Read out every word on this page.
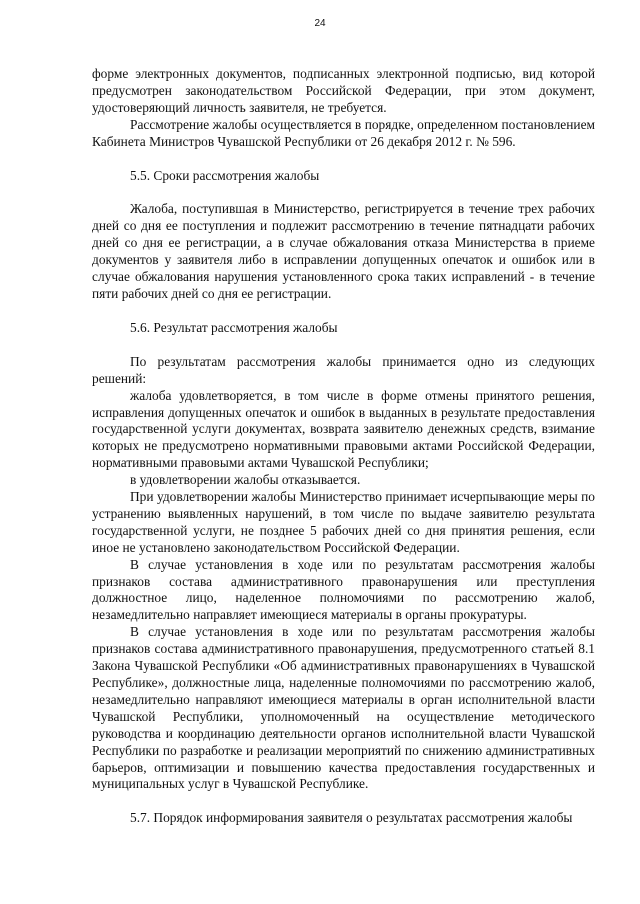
24

форме электронных документов, подписанных электронной подписью, вид которой предусмотрен законодательством Российской Федерации, при этом документ, удостоверяющий личность заявителя, не требуется.

Рассмотрение жалобы осуществляется в порядке, определенном постановлением Кабинета Министров Чувашской Республики от 26 декабря 2012 г. № 596.

5.5. Сроки рассмотрения жалобы

Жалоба, поступившая в Министерство, регистрируется в течение трех рабочих дней со дня ее поступления и подлежит рассмотрению в течение пятнадцати рабочих дней со дня ее регистрации, а в случае обжалования отказа Министерства в приеме документов у заявителя либо в исправлении допущенных опечаток и ошибок или в случае обжалования нарушения установленного срока таких исправлений - в течение пяти рабочих дней со дня ее регистрации.

5.6. Результат рассмотрения жалобы

По результатам рассмотрения жалобы принимается одно из следующих решений:

жалоба удовлетворяется, в том числе в форме отмены принятого решения, исправления допущенных опечаток и ошибок в выданных в результате предоставления государственной услуги документах, возврата заявителю денежных средств, взимание которых не предусмотрено нормативными правовыми актами Российской Федерации, нормативными правовыми актами Чувашской Республики;

в удовлетворении жалобы отказывается.

При удовлетворении жалобы Министерство принимает исчерпывающие меры по устранению выявленных нарушений, в том числе по выдаче заявителю результата государственной услуги, не позднее 5 рабочих дней со дня принятия решения, если иное не установлено законодательством Российской Федерации.

В случае установления в ходе или по результатам рассмотрения жалобы признаков состава административного правонарушения или преступления должностное лицо, наделенное полномочиями по рассмотрению жалоб, незамедлительно направляет имеющиеся материалы в органы прокуратуры.

В случае установления в ходе или по результатам рассмотрения жалобы признаков состава административного правонарушения, предусмотренного статьей 8.1 Закона Чувашской Республики «Об административных правонарушениях в Чувашской Республике», должностные лица, наделенные полномочиями по рассмотрению жалоб, незамедлительно направляют имеющиеся материалы в орган исполнительной власти Чувашской Республики, уполномоченный на осуществление методического руководства и координацию деятельности органов исполнительной власти Чувашской Республики по разработке и реализации мероприятий по снижению административных барьеров, оптимизации и повышению качества предоставления государственных и муниципальных услуг в Чувашской Республике.

5.7. Порядок информирования заявителя о результатах рассмотрения жалобы
